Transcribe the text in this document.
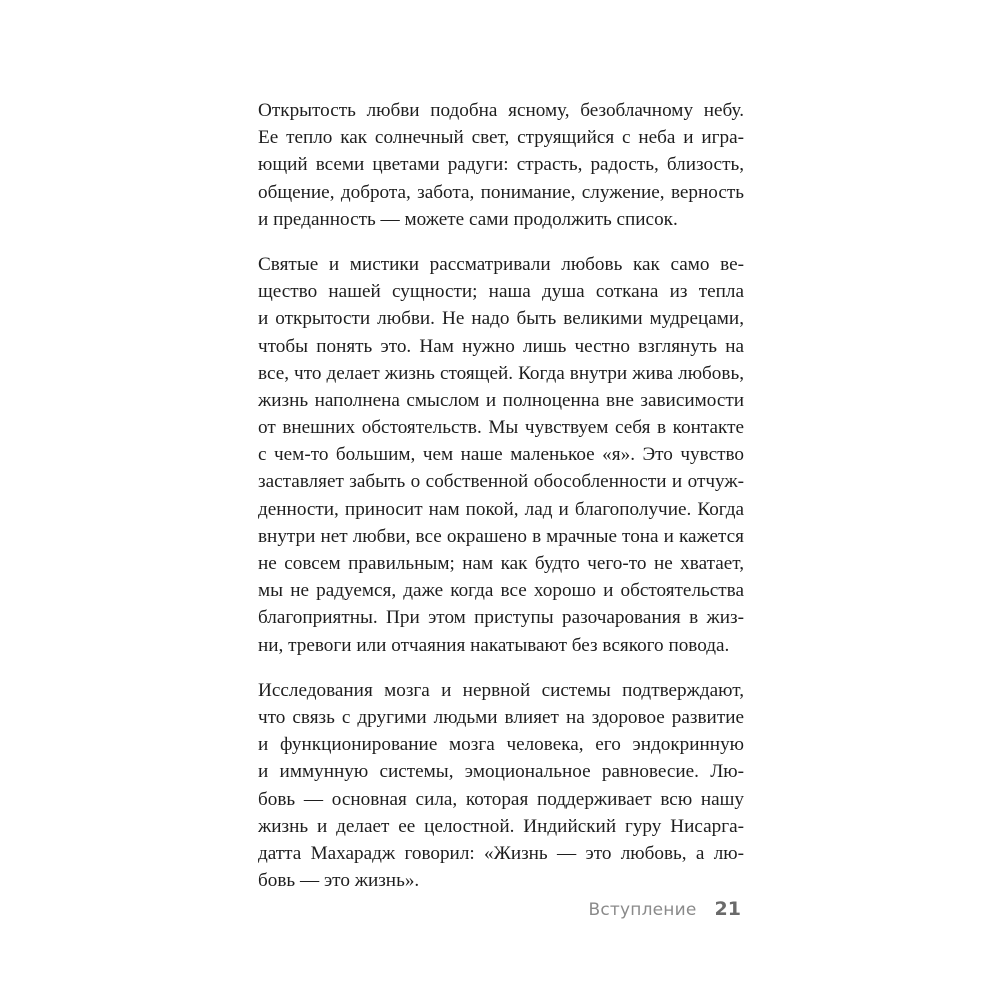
Открытость любви подобна ясному, безоблачному небу.
Ее тепло как солнечный свет, струящийся с неба и игра-
ющий всеми цветами радуги: страсть, радость, близость,
общение, доброта, забота, понимание, служение, верность
и преданность — можете сами продолжить список.
Святые и мистики рассматривали любовь как само ве-
щество нашей сущности; наша душа соткана из тепла
и открытости любви. Не надо быть великими мудрецами,
чтобы понять это. Нам нужно лишь честно взглянуть на
все, что делает жизнь стоящей. Когда внутри жива любовь,
жизнь наполнена смыслом и полноценна вне зависимости
от внешних обстоятельств. Мы чувствуем себя в контакте
с чем-то большим, чем наше маленькое «я». Это чувство
заставляет забыть о собственной обособленности и отчуж-
денности, приносит нам покой, лад и благополучие. Когда
внутри нет любви, все окрашено в мрачные тона и кажется
не совсем правильным; нам как будто чего-то не хватает,
мы не радуемся, даже когда все хорошо и обстоятельства
благоприятны. При этом приступы разочарования в жиз-
ни, тревоги или отчаяния накатывают без всякого повода.
Исследования мозга и нервной системы подтверждают,
что связь с другими людьми влияет на здоровое развитие
и функционирование мозга человека, его эндокринную
и иммунную системы, эмоциональное равновесие. Лю-
бовь — основная сила, которая поддерживает всю нашу
жизнь и делает ее целостной. Индийский гуру Нисарга-
датта Махарадж говорил: «Жизнь — это любовь, а лю-
бовь — это жизнь».
Вступление 21
